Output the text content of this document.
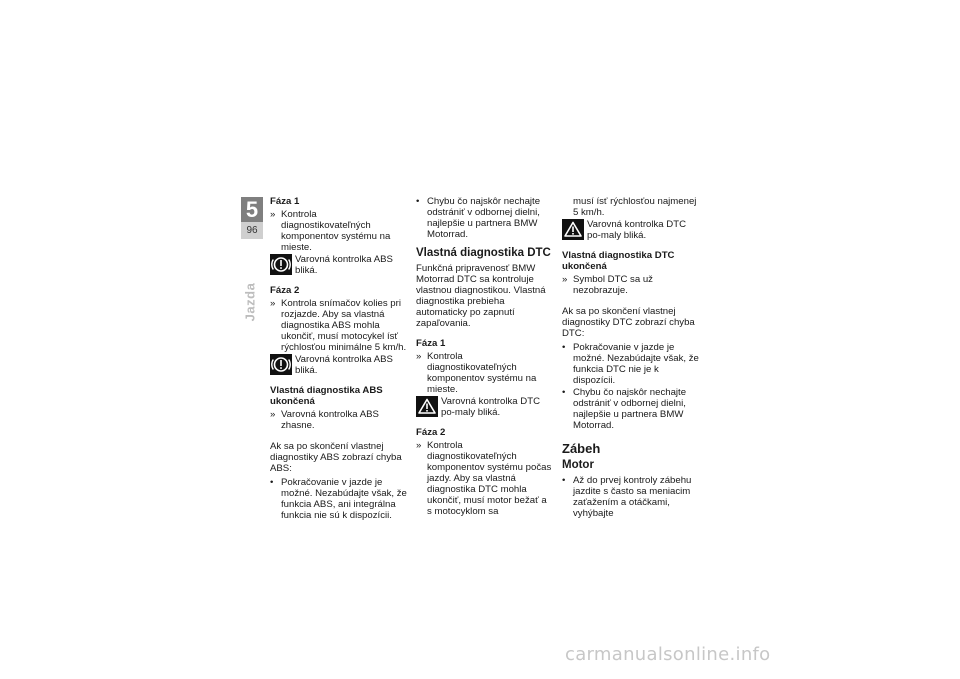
5
96
Jazda
Fáza 1
» Kontrola diagnostikovateľných komponentov systému na mieste.
Varovná kontrolka ABS bliká.
Fáza 2
» Kontrola snímačov kolies pri rozjazde. Aby sa vlastná diagnostika ABS mohla ukončiť, musí motocykel ísť rýchlosťou minimálne 5 km/h.
Varovná kontrolka ABS bliká.
Vlastná diagnostika ABS ukončená
» Varovná kontrolka ABS zhasne.

Ak sa po skončení vlastnej diagnostiky ABS zobrazí chyba ABS:

• Pokračovanie v jazde je možné. Nezabúdajte však, že funkcia ABS, ani integrálna funkcia nie sú k dispozícii.
• Chybu čo najskôr nechajte odstrániť v odbornej dielni, najlepšie u partnera BMW Motorrad.
Vlastná diagnostika DTC

Funkčná pripravenosť BMW Motorrad DTC sa kontroluje vlastnou diagnostikou. Vlastná diagnostika prebieha automaticky po zapnutí zapaľovania.

Fáza 1
» Kontrola diagnostikovateľných komponentov systému na mieste.
Varovná kontrolka DTC po-maly bliká.
Fáza 2
» Kontrola diagnostikovateľných komponentov systému počas jazdy. Aby sa vlastná diagnostika DTC mohla ukončiť, musí motor bežať a s motocyklom sa
musí ísť rýchlosťou najmenej 5 km/h.
Varovná kontrolka DTC po-maly bliká.
Vlastná diagnostika DTC ukončená
» Symbol DTC sa už nezobrazuje.

Ak sa po skončení vlastnej diagnostiky DTC zobrazí chyba DTC:

• Pokračovanie v jazde je možné. Nezabúdajte však, že funkcia DTC nie je k dispozícii.
• Chybu čo najskôr nechajte odstrániť v odbornej dielni, najlepšie u partnera BMW Motorrad.
Zábeh
Motor
• Až do prvej kontroly zábehu jazdite s často sa meniacim zaťažením a otáčkami, vyhýbajte
carmanualsonline.info
